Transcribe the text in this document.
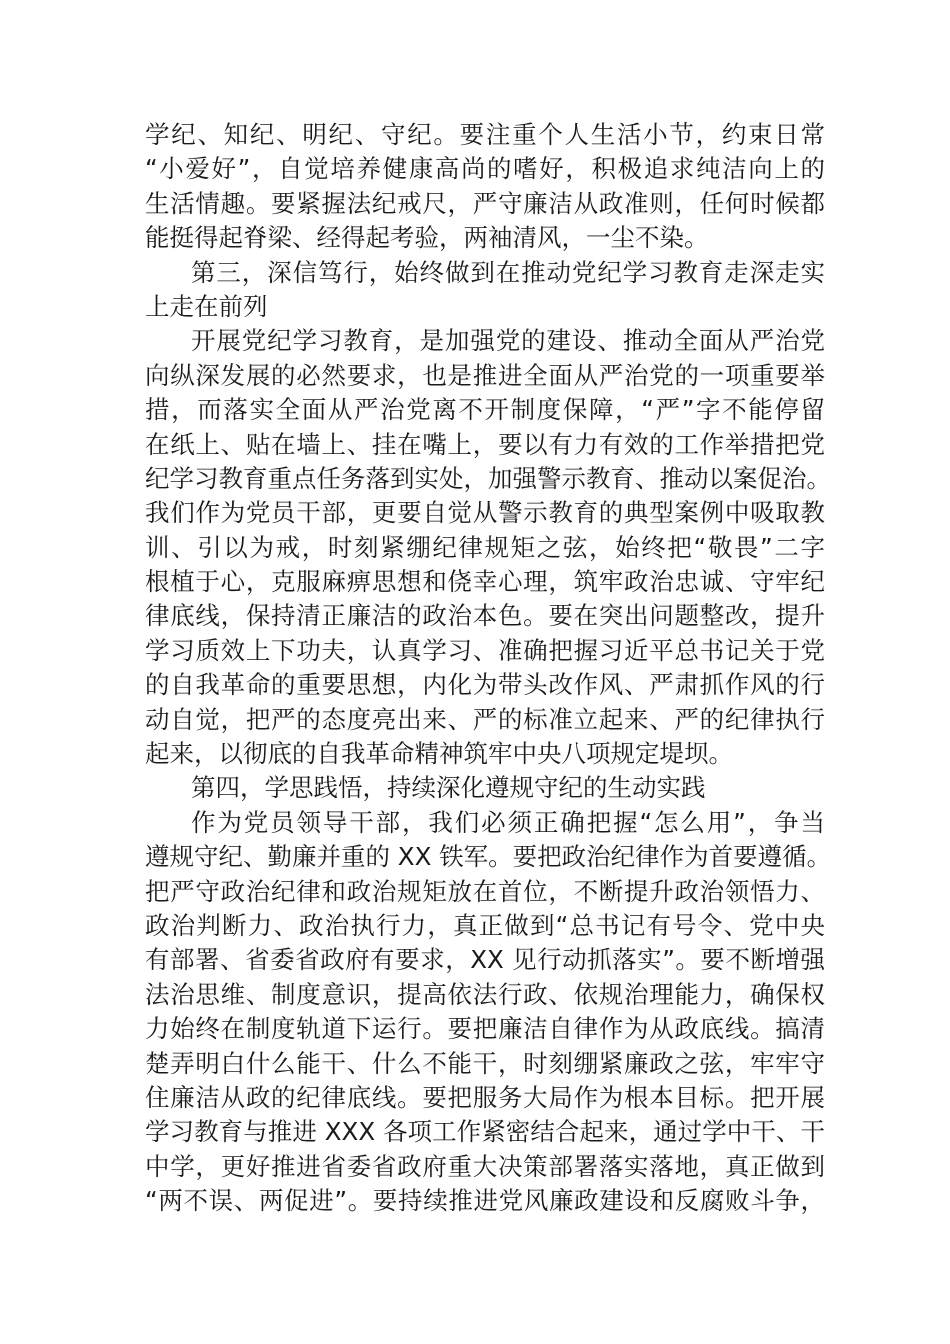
学纪、知纪、明纪、守纪。要注重个人生活小节，约束日常
“小爱好”，自觉培养健康高尚的嗜好，积极追求纯洁向上的
生活情趣。要紧握法纪戒尺，严守廉洁从政准则，任何时候都
能挺得起脊梁、经得起考验，两袖清风，一尘不染。
第三，深信笃行，始终做到在推动党纪学习教育走深走实
上走在前列
开展党纪学习教育，是加强党的建设、推动全面从严治党
向纵深发展的必然要求，也是推进全面从严治党的一项重要举
措，而落实全面从严治党离不开制度保障，“严”字不能停留
在纸上、贴在墙上、挂在嘴上，要以有力有效的工作举措把党
纪学习教育重点任务落到实处，加强警示教育、推动以案促治。
我们作为党员干部，更要自觉从警示教育的典型案例中吸取教
训、引以为戒，时刻紧绷纪律规矩之弦，始终把“敬畏”二字
根植于心，克服麻痹思想和侥幸心理，筑牢政治忠诚、守牢纪
律底线，保持清正廉洁的政治本色。要在突出问题整改，提升
学习质效上下功夫，认真学习、准确把握习近平总书记关于党
的自我革命的重要思想，内化为带头改作风、严肃抓作风的行
动自觉，把严的态度亮出来、严的标准立起来、严的纪律执行
起来，以彻底的自我革命精神筑牢中央八项规定堤坝。
第四，学思践悟，持续深化遵规守纪的生动实践
作为党员领导干部，我们必须正确把握“怎么用”，争当
遵规守纪、勤廉并重的 XX 铁军。要把政治纪律作为首要遵循。
把严守政治纪律和政治规矩放在首位，不断提升政治领悟力、
政治判断力、政治执行力，真正做到“总书记有号令、党中央
有部署、省委省政府有要求，XX 见行动抓落实”。要不断增强
法治思维、制度意识，提高依法行政、依规治理能力，确保权
力始终在制度轨道下运行。要把廉洁自律作为从政底线。搞清
楚弄明白什么能干、什么不能干，时刻绷紧廉政之弦，牢牢守
住廉洁从政的纪律底线。要把服务大局作为根本目标。把开展
学习教育与推进 XXX 各项工作紧密结合起来，通过学中干、干
中学，更好推进省委省政府重大决策部署落实落地，真正做到
“两不误、两促进”。要持续推进党风廉政建设和反腐败斗争，
